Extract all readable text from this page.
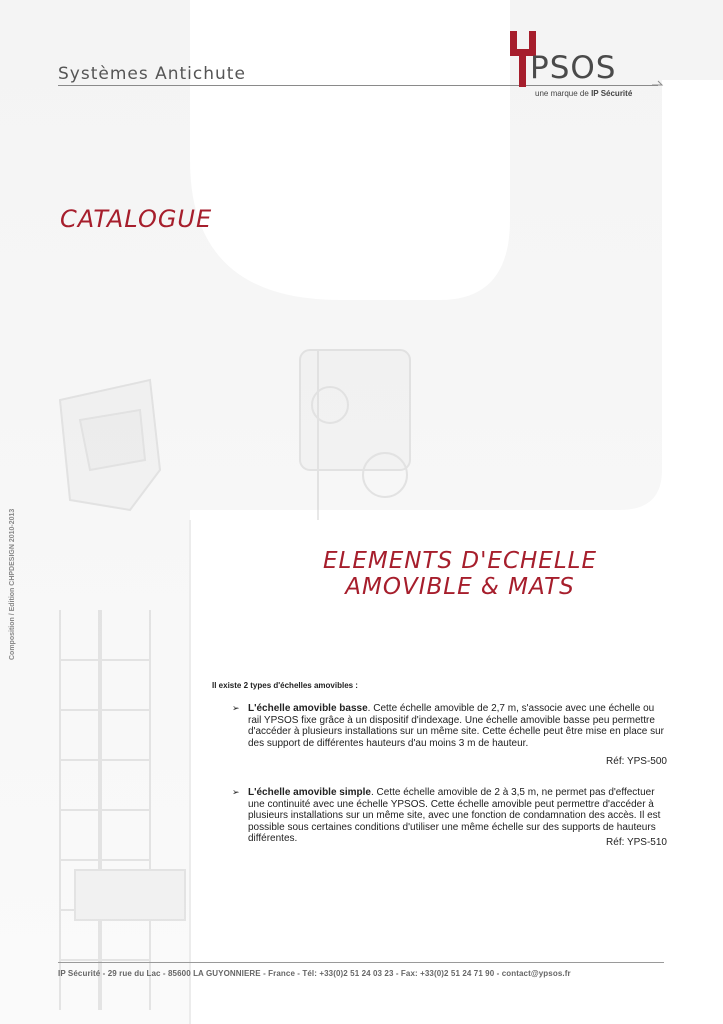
Systèmes Antichute	PSOS
une marque de IP Sécurité
CATALOGUE
Composition / Edition CHPDESIGN 2010-2013	ELEMENTS D'ECHELLE
AMOVIBLE & MATS
Il existe 2 types d'échelles amovibles :
➢ L'échelle amovible basse. Cette échelle amovible de 2,7 m, s'associe avec une échelle ou rail YPSOS fixe grâce à un dispositif d'indexage. Une échelle amovible basse peu permettre d'accéder à plusieurs installations sur un même site. Cette échelle peut être mise en place sur des support de différentes hauteurs d'au moins 3 m de hauteur.
Réf: YPS-500
➢ L'échelle amovible simple. Cette échelle amovible de 2 à 3,5 m, ne permet pas d'effectuer une continuité avec une échelle YPSOS. Cette échelle amovible peut permettre d'accéder à plusieurs installations sur un même site, avec une fonction de condamnation des accès. Il est possible sous certaines conditions d'utiliser une même échelle sur des supports de hauteurs différentes.	Réf: YPS-510
IP Sécurité - 29 rue du Lac - 85600 LA GUYONNIERE - France - Tél: +33(0)2 51 24 03 23 - Fax: +33(0)2 51 24 71 90 - contact@ypsos.fr
